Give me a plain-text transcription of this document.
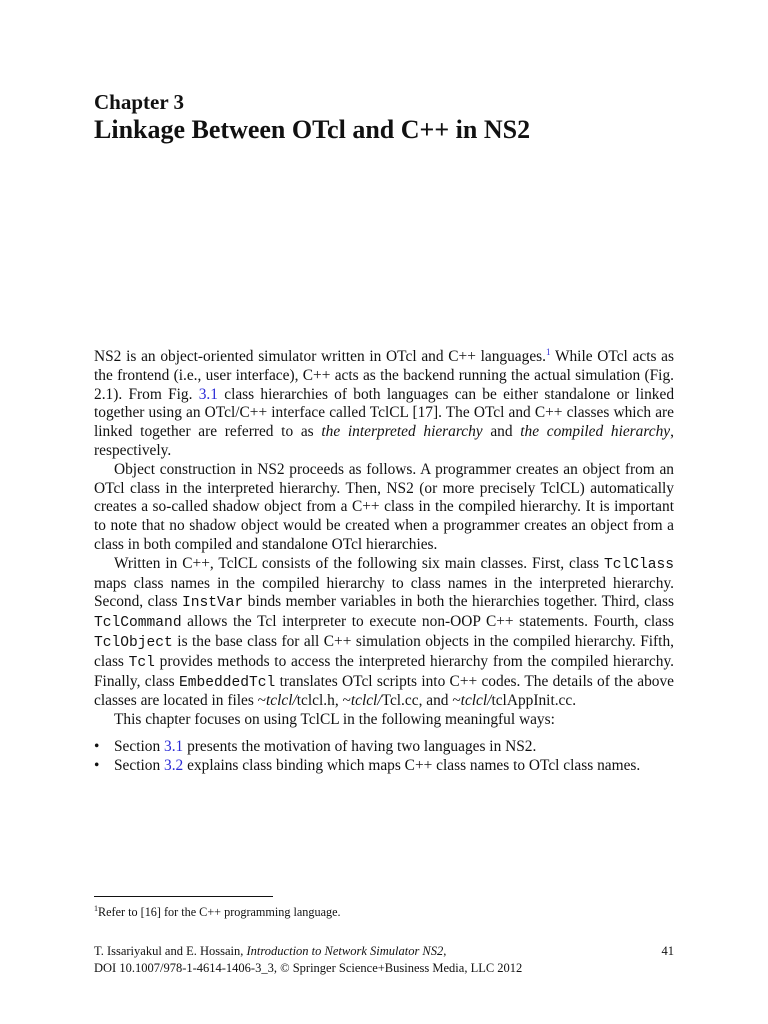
Chapter 3
Linkage Between OTcl and C++ in NS2

NS2 is an object-oriented simulator written in OTcl and C++ languages.$^1$ While OTcl acts as the frontend (i.e., user interface), C++ acts as the backend running the actual simulation (Fig. 2.1). From Fig. 3.1 class hierarchies of both languages can be either standalone or linked together using an OTcl/C++ interface called TclCL [17]. The OTcl and C++ classes which are linked together are referred to as the interpreted hierarchy and the compiled hierarchy, respectively.

Object construction in NS2 proceeds as follows. A programmer creates an object from an OTcl class in the interpreted hierarchy. Then, NS2 (or more precisely TclCL) automatically creates a so-called shadow object from a C++ class in the compiled hierarchy. It is important to note that no shadow object would be created when a programmer creates an object from a class in both compiled and standalone OTcl hierarchies.

Written in C++, TclCL consists of the following six main classes. First, class TclClass maps class names in the compiled hierarchy to class names in the interpreted hierarchy. Second, class InstVar binds member variables in both the hierarchies together. Third, class TclCommand allows the Tcl interpreter to execute non-OOP C++ statements. Fourth, class TclObject is the base class for all C++ simulation objects in the compiled hierarchy. Fifth, class Tcl provides methods to access the interpreted hierarchy from the compiled hierarchy. Finally, class EmbeddedTcl translates OTcl scripts into C++ codes. The details of the above classes are located in files ~tclcl/tclcl.h, ~tclcl/Tcl.cc, and ~tclcl/tclAppInit.cc.

This chapter focuses on using TclCL in the following meaningful ways:

• Section 3.1 presents the motivation of having two languages in NS2.
• Section 3.2 explains class binding which maps C++ class names to OTcl class names.
$^1$Refer to [16] for the C++ programming language.
T. Issariyakul and E. Hossain, Introduction to Network Simulator NS2,
DOI 10.1007/978-1-4614-1406-3_3, © Springer Science+Business Media, LLC 2012
41
